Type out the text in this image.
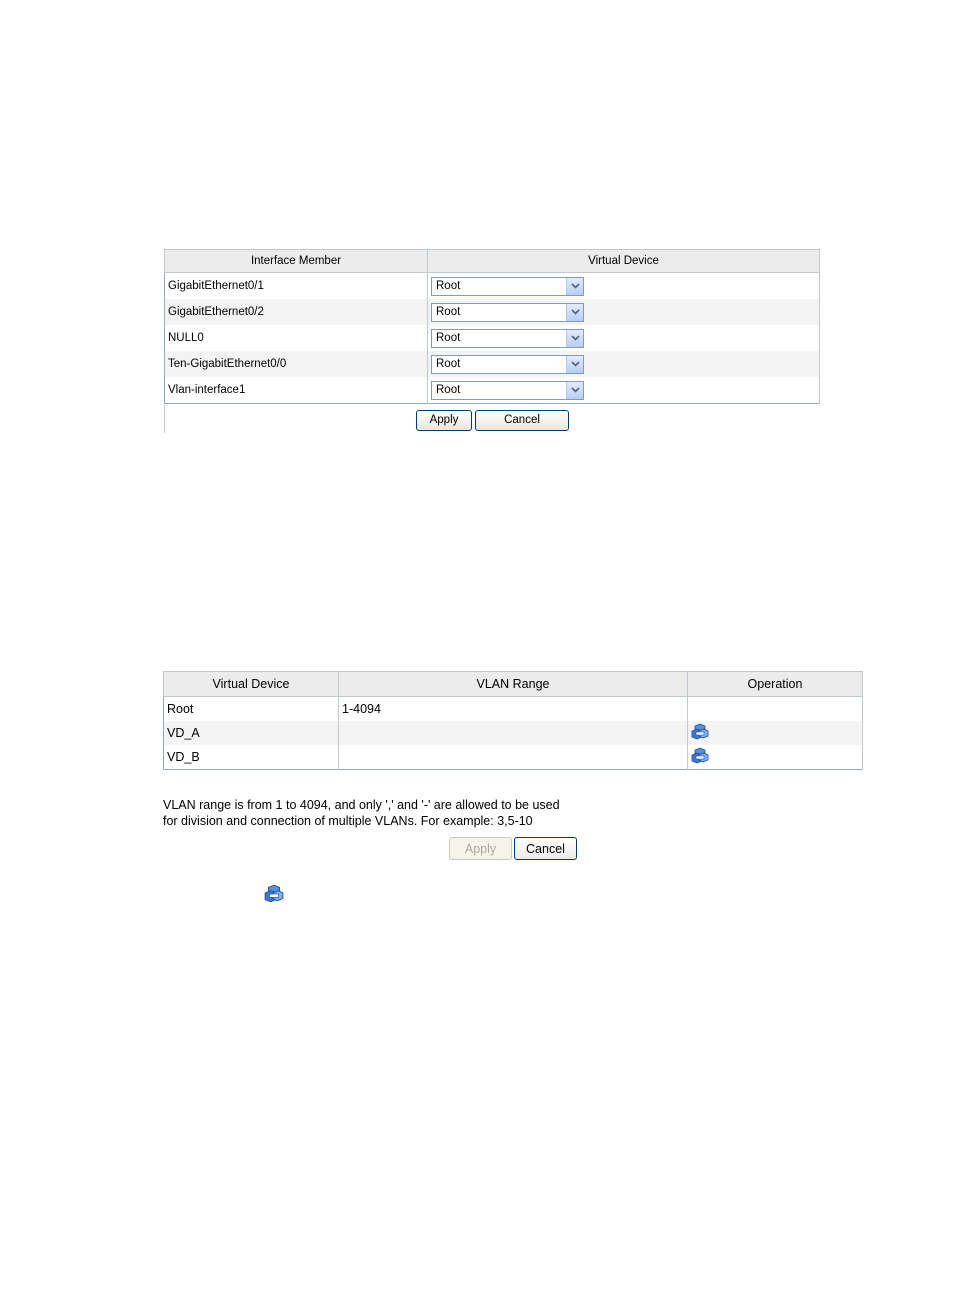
Interface Member	Virtual Device
GigabitEthernet0/1	Root

GigabitEthernet0/2	Root

NULL0	Root

Ten-GigabitEthernet0/0	Root

Vlan-interface1	Root
Apply	Cancel
Virtual Device	VLAN Range	Operation
Root	1-4094	
VD_A		
VD_B		
VLAN range is from 1 to 4094, and only ',' and '-' are allowed to be used
for division and connection of multiple VLANs. For example: 3,5-10
Apply	Cancel
